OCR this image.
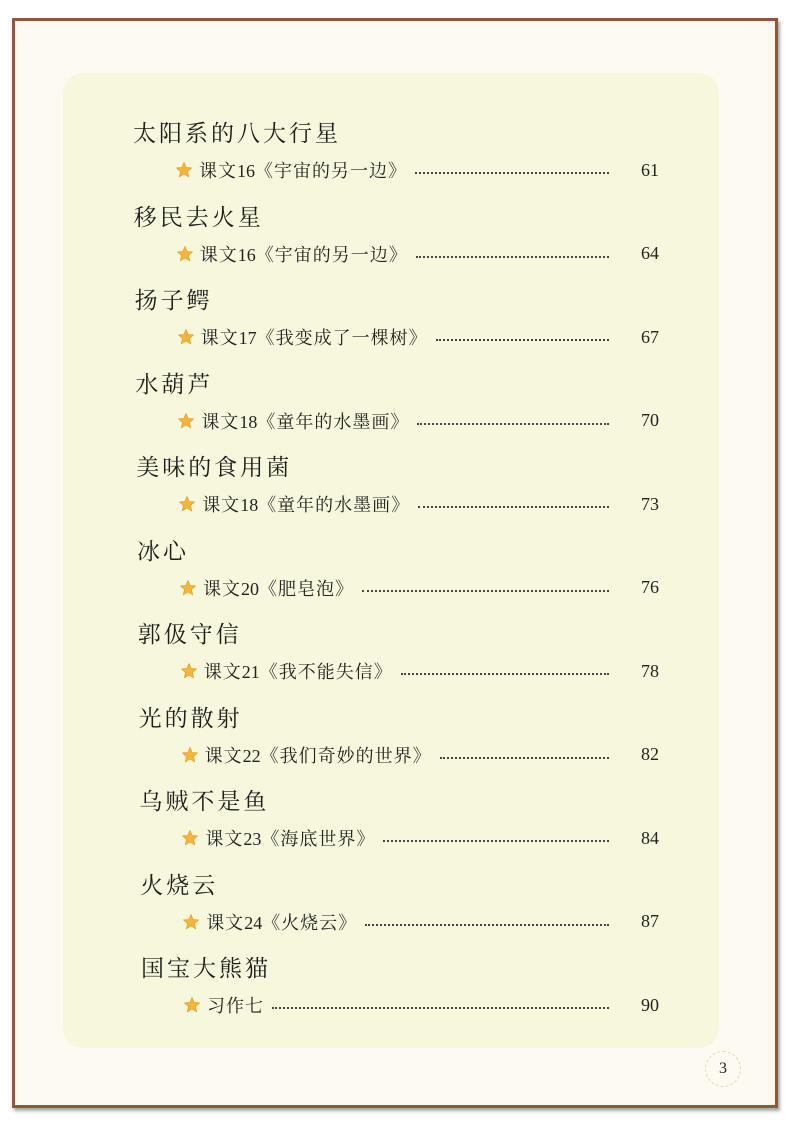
太阳系的八大行星
课文16《宇宙的另一边》	61
移民去火星
课文16《宇宙的另一边》	64
扬子鳄
课文17《我变成了一棵树》	67
水葫芦
课文18《童年的水墨画》	70
美味的食用菌
课文18《童年的水墨画》	73
冰心
课文20《肥皂泡》	76
郭伋守信
课文21《我不能失信》	78
光的散射
课文22《我们奇妙的世界》	82
乌贼不是鱼
课文23《海底世界》	84
火烧云
课文24《火烧云》	87
国宝大熊猫
习作七	90
3
